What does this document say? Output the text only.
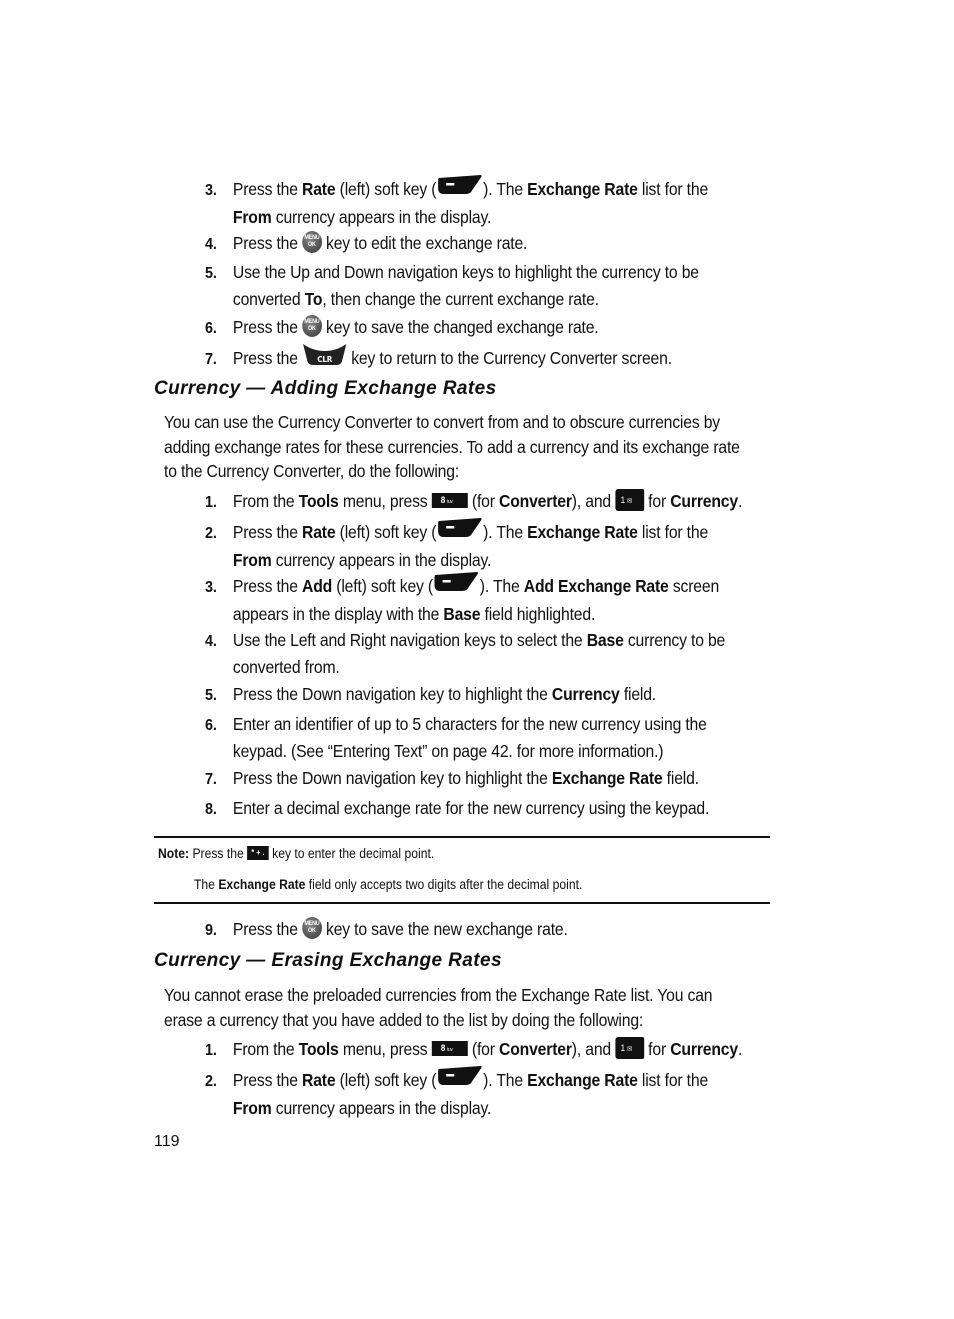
3. Press the Rate (left) soft key (	). The Exchange Rate list for the
From currency appears in the display.
4. Press the MENU
OK key to edit the exchange rate.
5. Use the Up and Down navigation keys to highlight the currency to be
converted To, then change the current exchange rate.
6. Press the MENU
OK key to save the changed exchange rate.
7. Press the CLR key to return to the Currency Converter screen.
Currency — Adding Exchange Rates
You can use the Currency Converter to convert from and to obscure currencies by
adding exchange rates for these currencies. To add a currency and its exchange rate
to the Currency Converter, do the following:
1. From the Tools menu, press 8 tuv (for Converter), and 1 ✉ for Currency.
2. Press the Rate (left) soft key (	). The Exchange Rate list for the
From currency appears in the display.
3. Press the Add (left) soft key (	). The Add Exchange Rate screen
appears in the display with the Base field highlighted.
4. Use the Left and Right navigation keys to select the Base currency to be
converted from.
5. Press the Down navigation key to highlight the Currency field.
6. Enter an identifier of up to 5 characters for the new currency using the
keypad. (See “Entering Text” on page 42. for more information.)
7. Press the Down navigation key to highlight the Exchange Rate field.
8. Enter a decimal exchange rate for the new currency using the keypad.
Note: Press the * + . key to enter the decimal point.
The Exchange Rate field only accepts two digits after the decimal point.
9. Press the MENU
OK key to save the new exchange rate.
Currency — Erasing Exchange Rates
You cannot erase the preloaded currencies from the Exchange Rate list. You can
erase a currency that you have added to the list by doing the following:
1. From the Tools menu, press 8 tuv (for Converter), and 1 ✉ for Currency.
2. Press the Rate (left) soft key (	). The Exchange Rate list for the
From currency appears in the display.
119
